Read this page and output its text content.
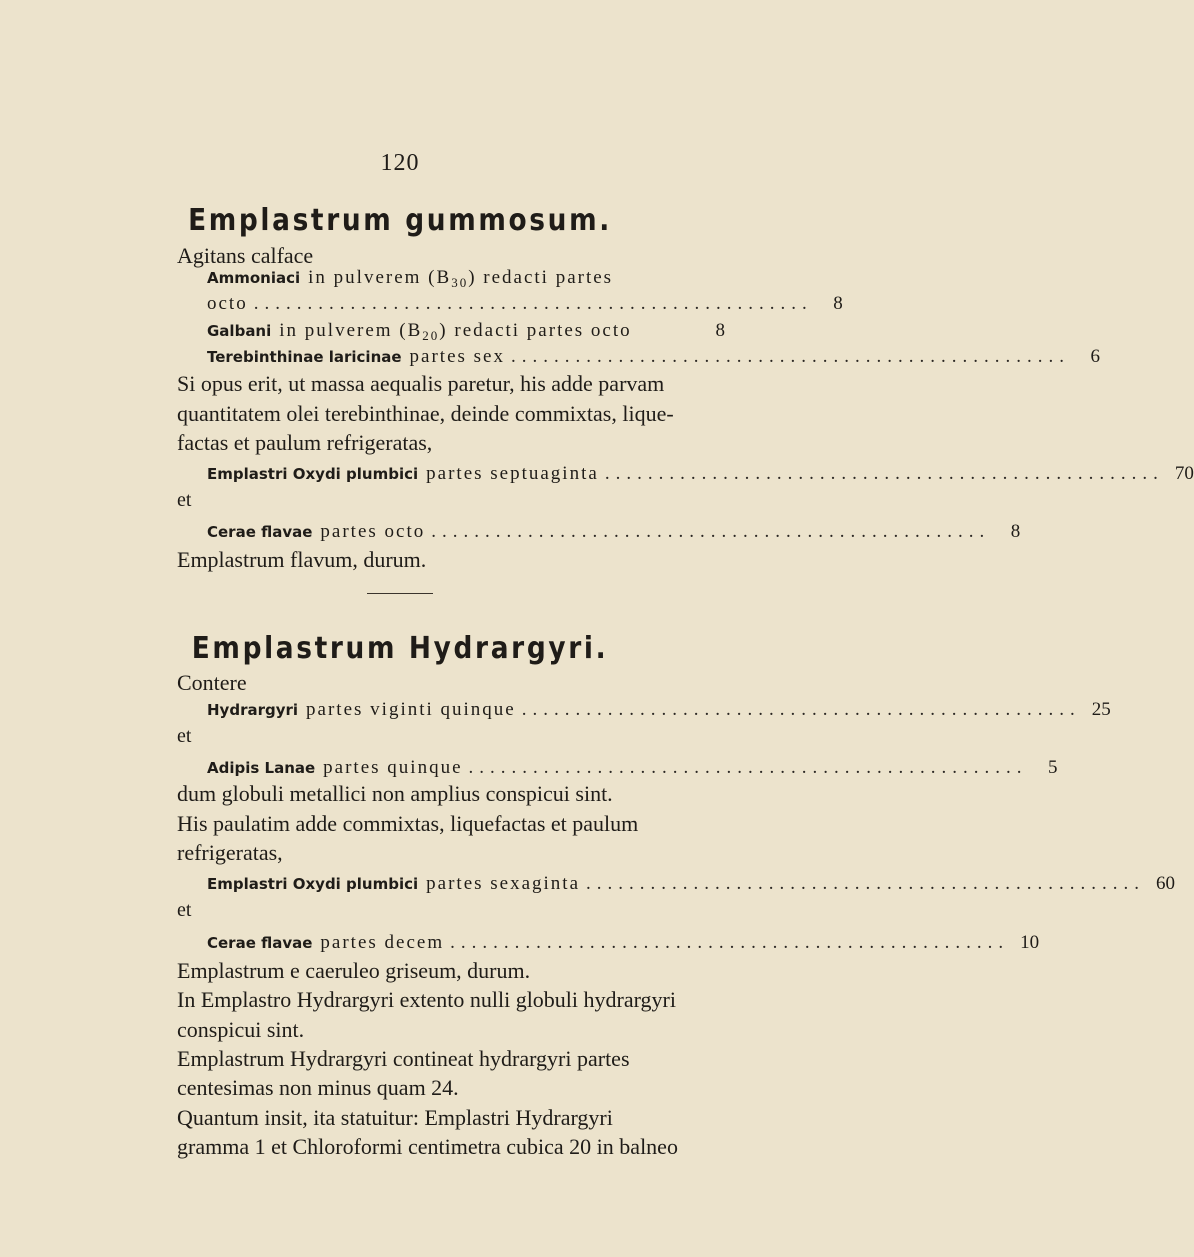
120
Emplastrum gummosum.
Agitans calface
Ammoniaci in pulverem $(B_{30})$ redacti partes
octo ....................................................	8
Galbani in pulverem $(B_{20})$ redacti partes octo	8
Terebinthinae laricinae partes sex ....................................................	6
Si opus erit, ut massa aequalis paretur, his adde parvam
quantitatem olei terebinthinae, deinde commixtas, lique-
factas et paulum refrigeratas,
Emplastri Oxydi plumbici partes septuaginta .................................................... 70
et
Cerae flavae partes octo ....................................................	8
Emplastrum flavum, durum.
Emplastrum Hydrargyri.
Contere
Hydrargyri partes viginti quinque .................................................... 25
et
Adipis Lanae partes quinque ....................................................	5
dum globuli metallici non amplius conspicui sint.
His paulatim adde commixtas, liquefactas et paulum
refrigeratas,
Emplastri Oxydi plumbici partes sexaginta .................................................... 60
et
Cerae flavae partes decem .................................................... 10
Emplastrum e caeruleo griseum, durum.
In Emplastro Hydrargyri extento nulli globuli hydrargyri
conspicui sint.
Emplastrum Hydrargyri contineat hydrargyri partes
centesimas non minus quam 24.
Quantum insit, ita statuitur: Emplastri Hydrargyri
gramma 1 et Chloroformi centimetra cubica 20 in balneo
